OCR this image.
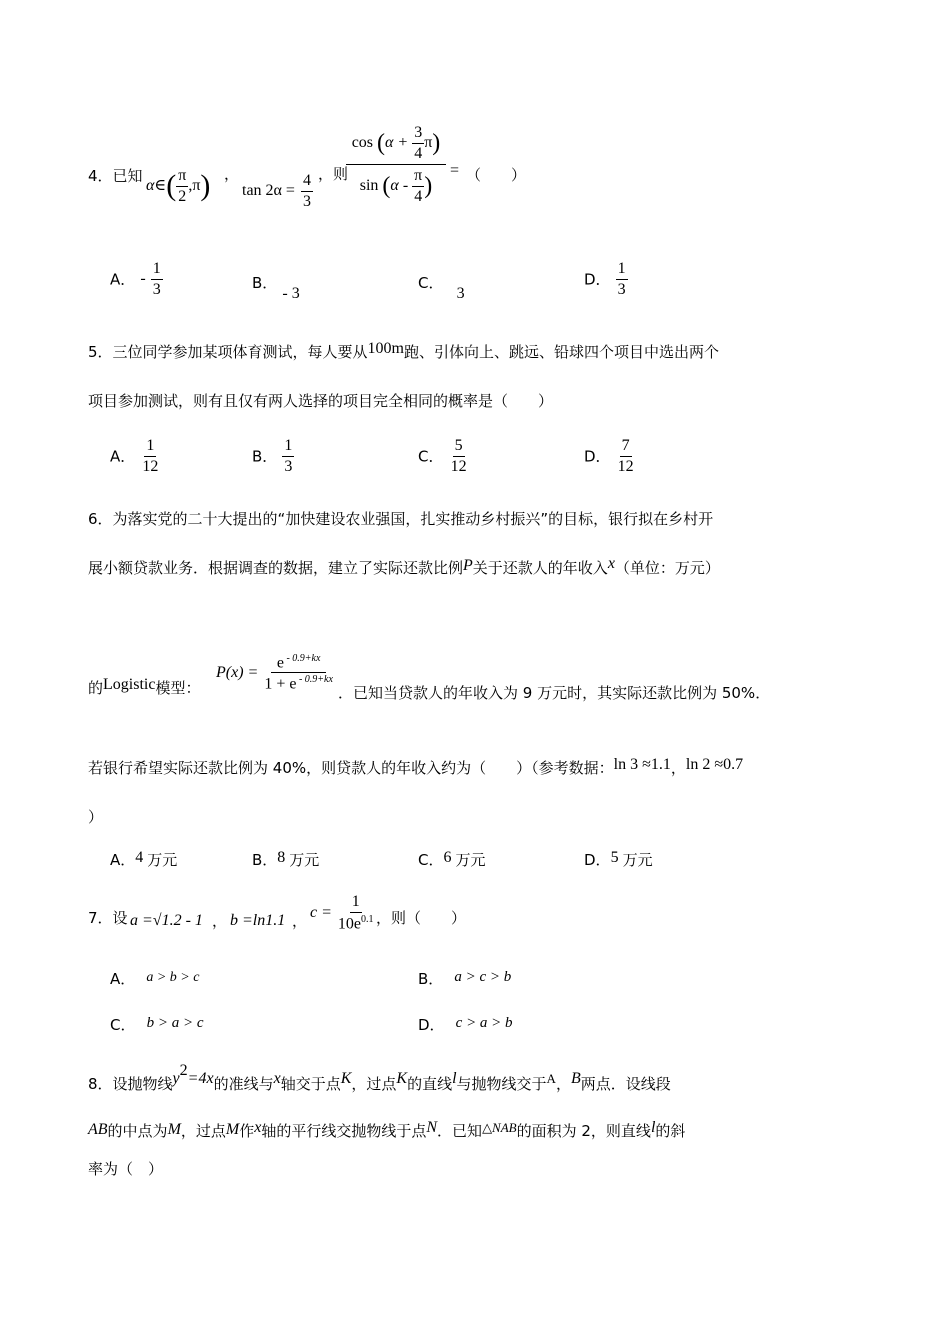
4．已知
α∈( $\frac{\pi}{2} ,\pi$) ，
$\tan 2\alpha = \frac{4}{3}$ ，则
$\frac{\cos (\alpha + \frac{3}{4} \pi)}{\sin (\alpha - \frac{\pi}{4} )}$ = （　　）
A． - $\frac{1}{3}$	B． - 3
C． 3
D． $\frac{1}{3}$
5．三位同学参加某项体育测试，每人要从100m跑、引体向上、跳远、铅球四个项目中选出两个
项目参加测试，则有且仅有两人选择的项目完全相同的概率是（　　）
A． $\frac{1}{12}$	B． $\frac{1}{3}$	C． $\frac{5}{12}$	D． $\frac{7}{12}$
6．为落实党的二十大提出的“加快建设农业强国，扎实推动乡村振兴”的目标，银行拟在乡村开
展小额贷款业务．根据调查的数据，建立了实际还款比例P关于还款人的年收入x（单位：万元）
的Logistic模型：
$P(x) = \frac{e ^{- 0.9+kx}}{1 + e ^{- 0.9+kx}}$
．已知当贷款人的年收入为 9 万元时，其实际还款比例为 50%．
若银行希望实际还款比例为 40%，则贷款人的年收入约为（　　）（参考数据：ln 3 ≈1.1，ln 2 ≈0.7
）
A．4 万元	B．8 万元	C．6 万元	D．5 万元
7．设 a =√1.2 - 1 ， b =ln1.1 ， $c = \frac{1}{10e^{0.1}}$ ，则（　　）
A． a > b > c	B． a > c > b
C． b > a > c	D． c > a > b
8．设抛物线$y^2=4x$的准线与x轴交于点K，过点K的直线l与抛物线交于A，B两点．设线段
AB的中点为M，过点M作x轴的平行线交抛物线于点N．已知△NAB的面积为 2，则直线l的斜
率为（　）
